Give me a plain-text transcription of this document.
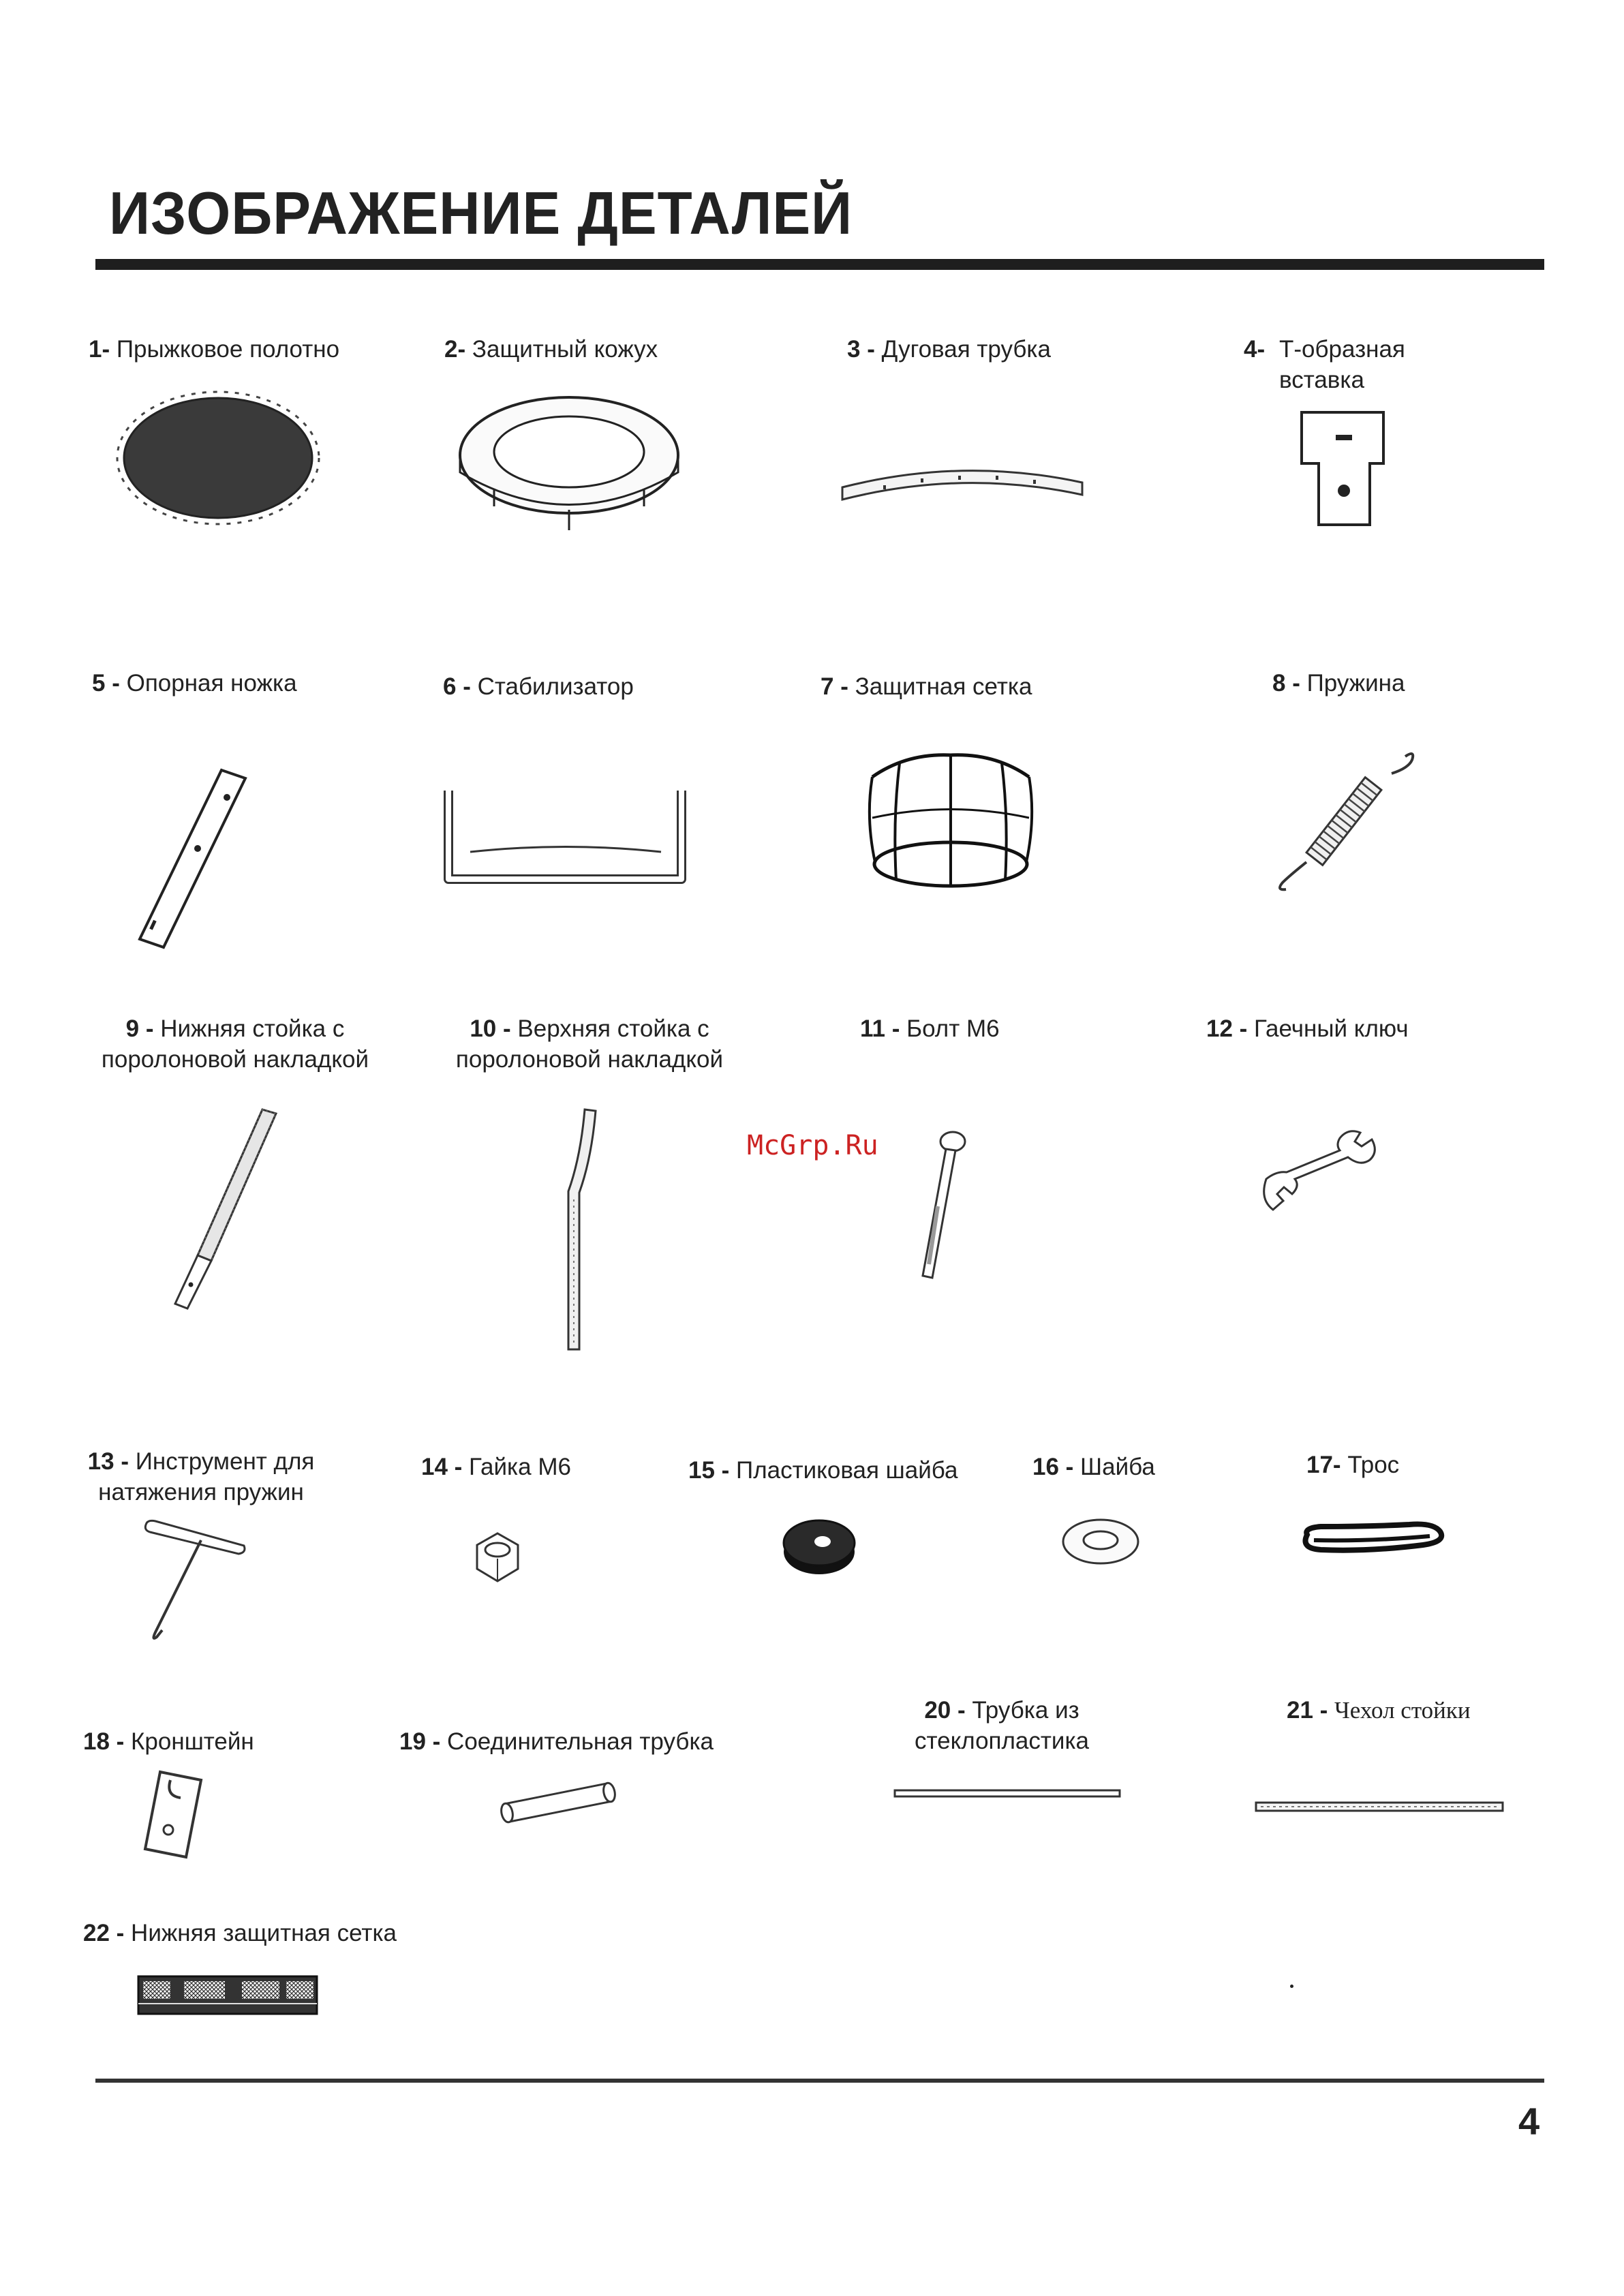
ИЗОБРАЖЕНИЕ ДЕТАЛЕЙ
1- Прыжковое полотно	2- Защитный кожух	3 - Дуговая трубка	4- Т-образная
вставка
5 - Опорная ножка	6 - Стабилизатор	7 - Защитная сетка	8 - Пружина
9 - Нижняя стойка с
поролоновой накладкой
10 - Верхняя стойка с
поролоновой накладкой
11 - Болт М6
McGrp.Ru
12 - Гаечный ключ
13 - Инструмент для
натяжения пружин
14 - Гайка М6	15 - Пластиковая шайба	16 - Шайба	17- Трос
18 - Кронштейн	19 - Соединительная трубка
20 - Трубка из
стеклопластика
21 - Чехол стойки
22 - Нижняя защитная сетка
4
